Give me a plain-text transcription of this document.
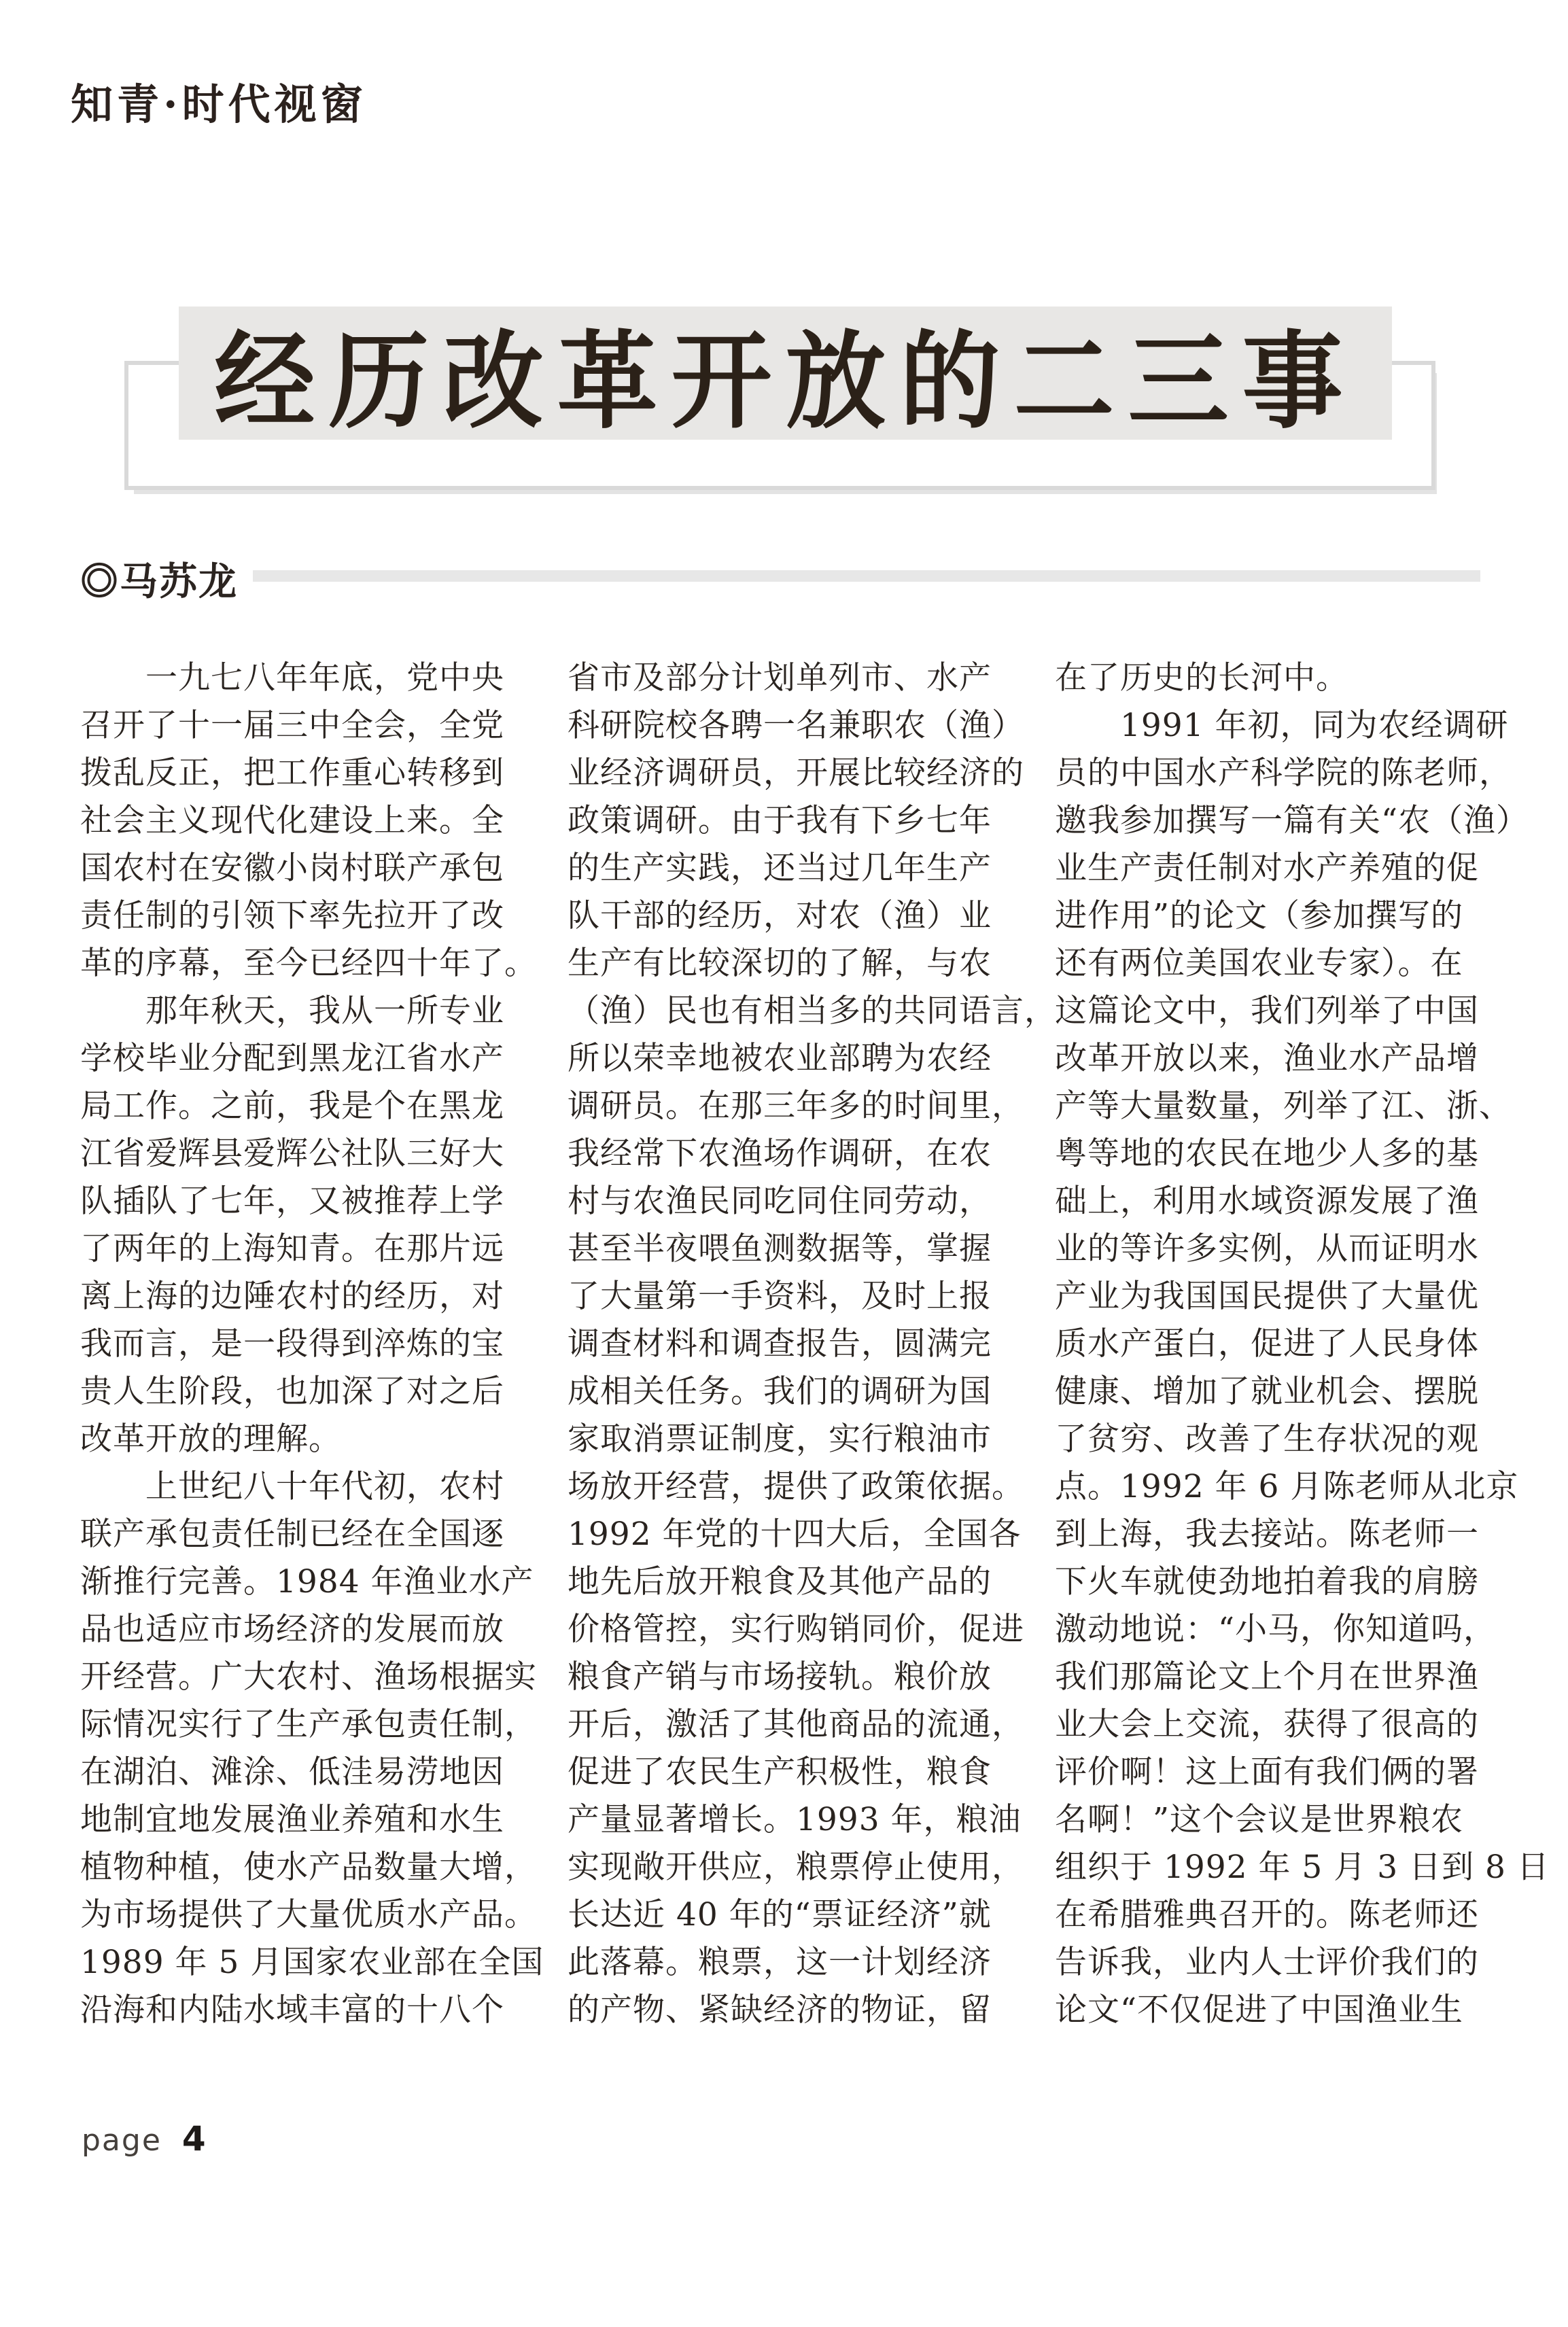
知青·时代视窗
经历改革开放的二三事
◎马苏龙
　　一九七八年年底，党中央
召开了十一届三中全会，全党
拨乱反正，把工作重心转移到
社会主义现代化建设上来。全
国农村在安徽小岗村联产承包
责任制的引领下率先拉开了改
革的序幕，至今已经四十年了。
　　那年秋天，我从一所专业
学校毕业分配到黑龙江省水产
局工作。之前，我是个在黑龙
江省爱辉县爱辉公社队三好大
队插队了七年，又被推荐上学
了两年的上海知青。在那片远
离上海的边陲农村的经历，对
我而言，是一段得到淬炼的宝
贵人生阶段，也加深了对之后
改革开放的理解。
　　上世纪八十年代初，农村
联产承包责任制已经在全国逐
渐推行完善。1984 年渔业水产
品也适应市场经济的发展而放
开经营。广大农村、渔场根据实
际情况实行了生产承包责任制，
在湖泊、滩涂、低洼易涝地因
地制宜地发展渔业养殖和水生
植物种植，使水产品数量大增，
为市场提供了大量优质水产品。
1989 年 5 月国家农业部在全国
沿海和内陆水域丰富的十八个
省市及部分计划单列市、水产
科研院校各聘一名兼职农（渔）
业经济调研员，开展比较经济的
政策调研。由于我有下乡七年
的生产实践，还当过几年生产
队干部的经历，对农（渔）业
生产有比较深切的了解，与农
（渔）民也有相当多的共同语言，
所以荣幸地被农业部聘为农经
调研员。在那三年多的时间里，
我经常下农渔场作调研，在农
村与农渔民同吃同住同劳动，
甚至半夜喂鱼测数据等，掌握
了大量第一手资料，及时上报
调查材料和调查报告，圆满完
成相关任务。我们的调研为国
家取消票证制度，实行粮油市
场放开经营，提供了政策依据。
1992 年党的十四大后，全国各
地先后放开粮食及其他产品的
价格管控，实行购销同价，促进
粮食产销与市场接轨。粮价放
开后，激活了其他商品的流通，
促进了农民生产积极性，粮食
产量显著增长。1993 年，粮油
实现敞开供应，粮票停止使用，
长达近 40 年的“票证经济”就
此落幕。粮票，这一计划经济
的产物、紧缺经济的物证，留
在了历史的长河中。
　　1991 年初，同为农经调研
员的中国水产科学院的陈老师，
邀我参加撰写一篇有关“农（渔）
业生产责任制对水产养殖的促
进作用”的论文（参加撰写的
还有两位美国农业专家）。在
这篇论文中，我们列举了中国
改革开放以来，渔业水产品增
产等大量数量，列举了江、浙、
粤等地的农民在地少人多的基
础上，利用水域资源发展了渔
业的等许多实例，从而证明水
产业为我国国民提供了大量优
质水产蛋白，促进了人民身体
健康、增加了就业机会、摆脱
了贫穷、改善了生存状况的观
点。1992 年 6 月陈老师从北京
到上海，我去接站。陈老师一
下火车就使劲地拍着我的肩膀
激动地说：“小马，你知道吗，
我们那篇论文上个月在世界渔
业大会上交流，获得了很高的
评价啊！这上面有我们俩的署
名啊！”这个会议是世界粮农
组织于 1992 年 5 月 3 日到 8 日
在希腊雅典召开的。陈老师还
告诉我，业内人士评价我们的
论文“不仅促进了中国渔业生
page 4
